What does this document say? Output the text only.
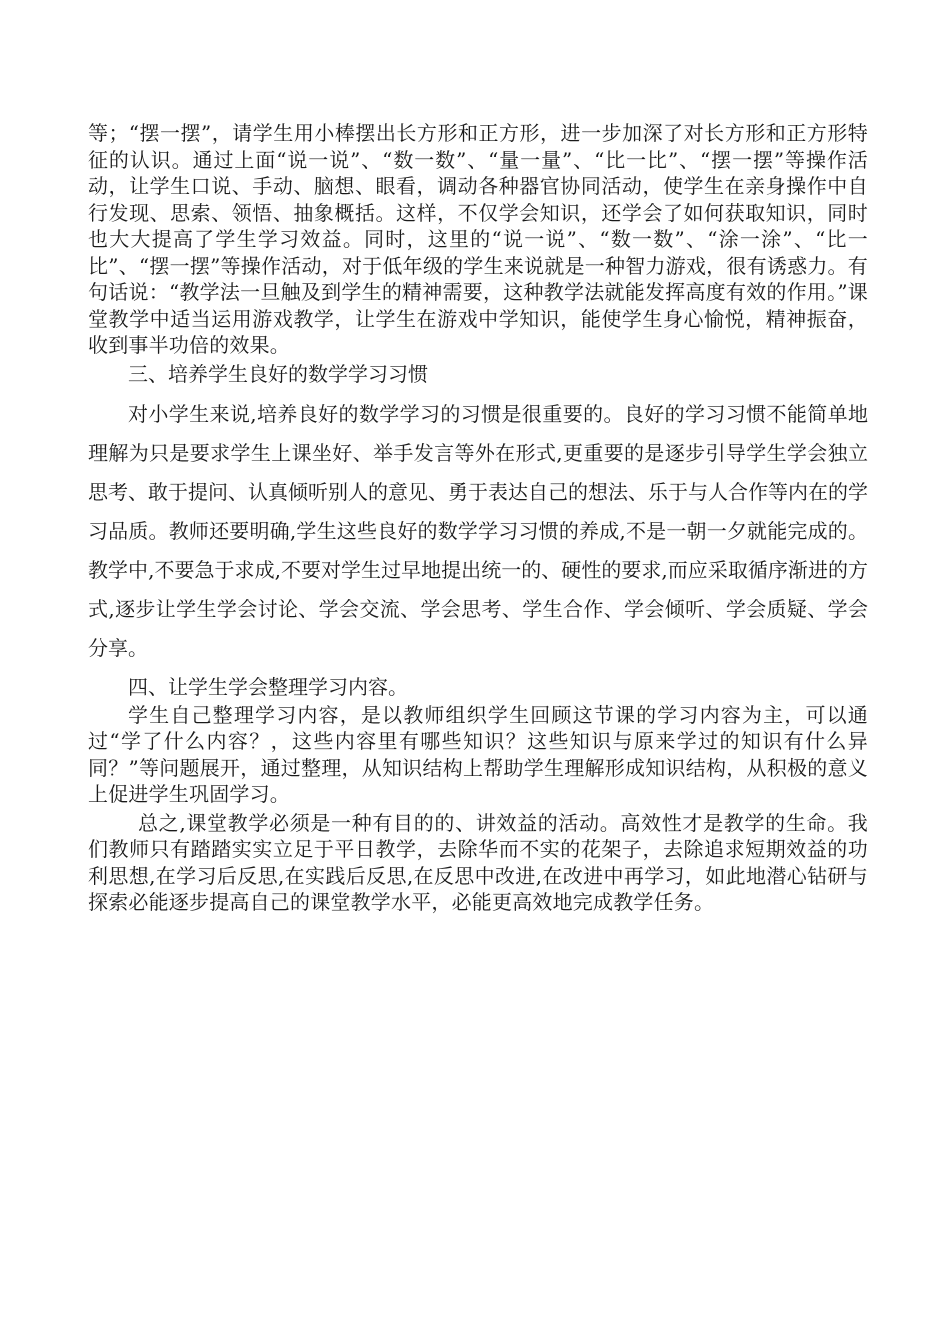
等；“摆一摆”，请学生用小棒摆出长方形和正方形，进一步加深了对长方形和正方形特征的认识。通过上面“说一说”、“数一数”、“量一量”、“比一比”、“摆一摆”等操作活动，让学生口说、手动、脑想、眼看，调动各种器官协同活动，使学生在亲身操作中自行发现、思索、领悟、抽象概括。这样，不仅学会知识，还学会了如何获取知识，同时也大大提高了学生学习效益。同时，这里的“说一说”、“数一数”、“涂一涂”、“比一比”、“摆一摆”等操作活动，对于低年级的学生来说就是一种智力游戏，很有诱惑力。有句话说：“教学法一旦触及到学生的精神需要，这种教学法就能发挥高度有效的作用。”课堂教学中适当运用游戏教学，让学生在游戏中学知识，能使学生身心愉悦，精神振奋，收到事半功倍的效果。

三、培养学生良好的数学学习习惯

对小学生来说,培养良好的数学学习的习惯是很重要的。良好的学习习惯不能简单地理解为只是要求学生上课坐好、举手发言等外在形式,更重要的是逐步引导学生学会独立思考、敢于提问、认真倾听别人的意见、勇于表达自己的想法、乐于与人合作等内在的学习品质。教师还要明确,学生这些良好的数学学习习惯的养成,不是一朝一夕就能完成的。教学中,不要急于求成,不要对学生过早地提出统一的、硬性的要求,而应采取循序渐进的方式,逐步让学生学会讨论、学会交流、学会思考、学生合作、学会倾听、学会质疑、学会分享。

四、让学生学会整理学习内容。

学生自己整理学习内容，是以教师组织学生回顾这节课的学习内容为主，可以通过“学了什么内容？，这些内容里有哪些知识？这些知识与原来学过的知识有什么异同？”等问题展开，通过整理，从知识结构上帮助学生理解形成知识结构，从积极的意义上促进学生巩固学习。

总之,课堂教学必须是一种有目的的、讲效益的活动。高效性才是教学的生命。我们教师只有踏踏实实立足于平日教学，去除华而不实的花架子，去除追求短期效益的功利思想,在学习后反思,在实践后反思,在反思中改进,在改进中再学习，如此地潜心钻研与探索必能逐步提高自己的课堂教学水平，必能更高效地完成教学任务。
